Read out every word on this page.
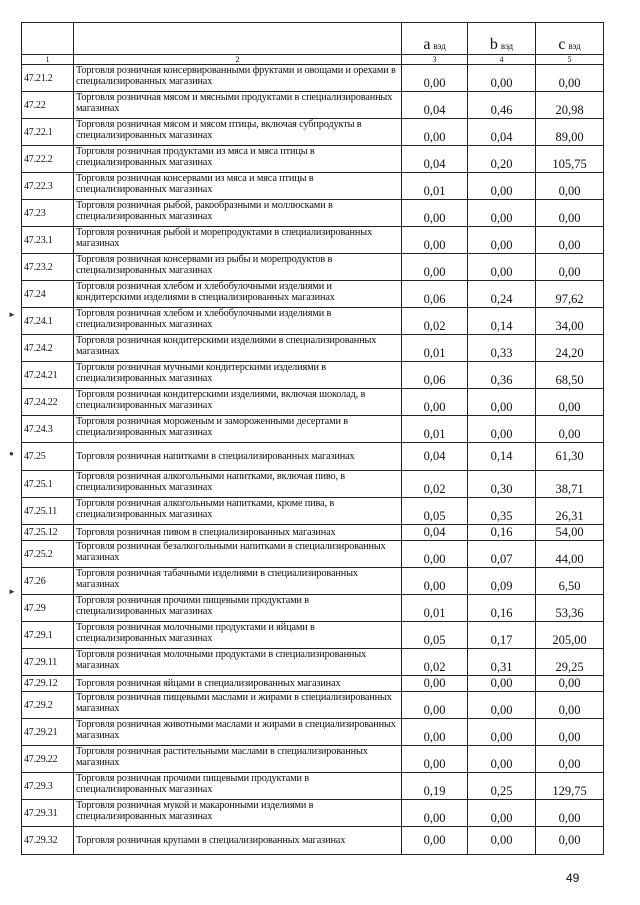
		a вэд	b вэд	c вэд
1	2	3	4	5
47.21.2	Торговля розничная консервированными фруктами и овощами и орехами в специализированных магазинах	0,00	0,00	0,00
47.22	Торговля розничная мясом и мясными продуктами в специализированных магазинах	0,04	0,46	20,98
47.22.1	Торговля розничная мясом и мясом птицы, включая субпродукты в специализированных магазинах	0,00	0,04	89,00
47.22.2	Торговля розничная продуктами из мяса и мяса птицы в специализированных магазинах	0,04	0,20	105,75
47.22.3	Торговля розничная консервами из мяса и мяса птицы в специализированных магазинах	0,01	0,00	0,00
47.23	Торговля розничная рыбой, ракообразными и моллюсками в специализированных магазинах	0,00	0,00	0,00
47.23.1	Торговля розничная рыбой и морепродуктами в специализированных магазинах	0,00	0,00	0,00
47.23.2	Торговля розничная консервами из рыбы и морепродуктов в специализированных магазинах	0,00	0,00	0,00
47.24	Торговля розничная хлебом и хлебобулочными изделиями и кондитерскими изделиями в специализированных магазинах	0,06	0,24	97,62
47.24.1	Торговля розничная хлебом и хлебобулочными изделиями в специализированных магазинах	0,02	0,14	34,00
47.24.2	Торговля розничная кондитерскими изделиями в специализированных магазинах	0,01	0,33	24,20
47.24.21	Торговля розничная мучными кондитерскими изделиями в специализированных магазинах	0,06	0,36	68,50
47.24.22	Торговля розничная кондитерскими изделиями, включая шоколад, в специализированных магазинах	0,00	0,00	0,00
47.24.3	Торговля розничная мороженым и замороженными десертами в специализированных магазинах	0,01	0,00	0,00
47.25	Торговля розничная напитками в специализированных магазинах	0,04	0,14	61,30
47.25.1	Торговля розничная алкогольными напитками, включая пиво, в специализированных магазинах	0,02	0,30	38,71
47.25.11	Торговля розничная алкогольными напитками, кроме пива, в специализированных магазинах	0,05	0,35	26,31
47.25.12	Торговля розничная пивом в специализированных магазинах	0,04	0,16	54,00
47.25.2	Торговля розничная безалкогольными напитками в специализированных магазинах	0,00	0,07	44,00
47.26	Торговля розничная табачными изделиями в специализированных магазинах	0,00	0,09	6,50
47.29	Торговля розничная прочими пищевыми продуктами в специализированных магазинах	0,01	0,16	53,36
47.29.1	Торговля розничная молочными продуктами и яйцами в специализированных магазинах	0,05	0,17	205,00
47.29.11	Торговля розничная молочными продуктами в специализированных магазинах	0,02	0,31	29,25
47.29.12	Торговля розничная яйцами в специализированных магазинах	0,00	0,00	0,00
47.29.2	Торговля розничная пищевыми маслами и жирами в специализированных магазинах	0,00	0,00	0,00
47.29.21	Торговля розничная животными маслами и жирами в специализированных магазинах	0,00	0,00	0,00
47.29.22	Торговля розничная растительными маслами в специализированных магазинах	0,00	0,00	0,00
47.29.3	Торговля розничная прочими пищевыми продуктами в специализированных магазинах	0,19	0,25	129,75
47.29.31	Торговля розничная мукой и макаронными изделиями в специализированных магазинах	0,00	0,00	0,00
47.29.32	Торговля розничная крупами в специализированных магазинах	0,00	0,00	0,00
►
●
►
49
